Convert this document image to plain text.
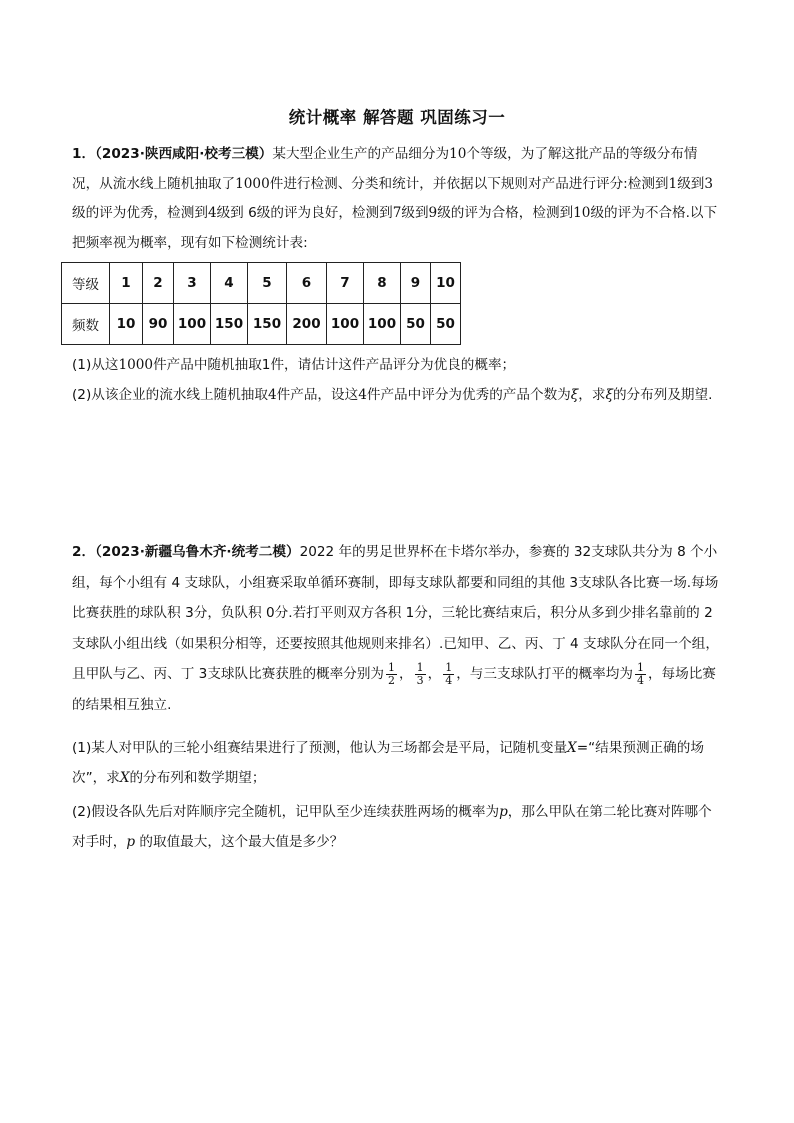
统计概率 解答题 巩固练习一
1．（2023·陕西咸阳·校考三模）某大型企业生产的产品细分为10个等级，为了解这批产品的等级分布情况，从流水线上随机抽取了1000件进行检测、分类和统计，并依据以下规则对产品进行评分:检测到1级到3级的评为优秀，检测到4级到 6级的评为良好，检测到7级到9级的评为合格，检测到10级的评为不合格.以下把频率视为概率，现有如下检测统计表:
等级	1	2	3	4	5	6	7	8	9	10
频数	10	90	100	150	150	200	100	100	50	50
(1)从这1000件产品中随机抽取1件，请估计这件产品评分为优良的概率；
(2)从该企业的流水线上随机抽取4件产品，设这4件产品中评分为优秀的产品个数为ξ，求ξ的分布列及期望.
2．（2023·新疆乌鲁木齐·统考二模）2022 年的男足世界杯在卡塔尔举办，参赛的 32支球队共分为 8 个小组，每个小组有 4 支球队，小组赛采取单循环赛制，即每支球队都要和同组的其他 3支球队各比赛一场.每场比赛获胜的球队积 3分，负队积 0分.若打平则双方各积 1分，三轮比赛结束后，积分从多到少排名靠前的 2 支球队小组出线（如果积分相等，还要按照其他规则来排名）.已知甲、乙、丙、丁 4 支球队分在同一个组，且甲队与乙、丙、丁 3支球队比赛获胜的概率分别为 $\frac{1}{2}$ ， $\frac{1}{3}$ ， $\frac{1}{4}$ ，与三支球队打平的概率均为 $\frac{1}{4}$ ，每场比赛的结果相互独立.
(1)某人对甲队的三轮小组赛结果进行了预测，他认为三场都会是平局，记随机变量X=“结果预测正确的场次”，求X的分布列和数学期望；
(2)假设各队先后对阵顺序完全随机，记甲队至少连续获胜两场的概率为p，那么甲队在第二轮比赛对阵哪个对手时，p 的取值最大，这个最大值是多少？
